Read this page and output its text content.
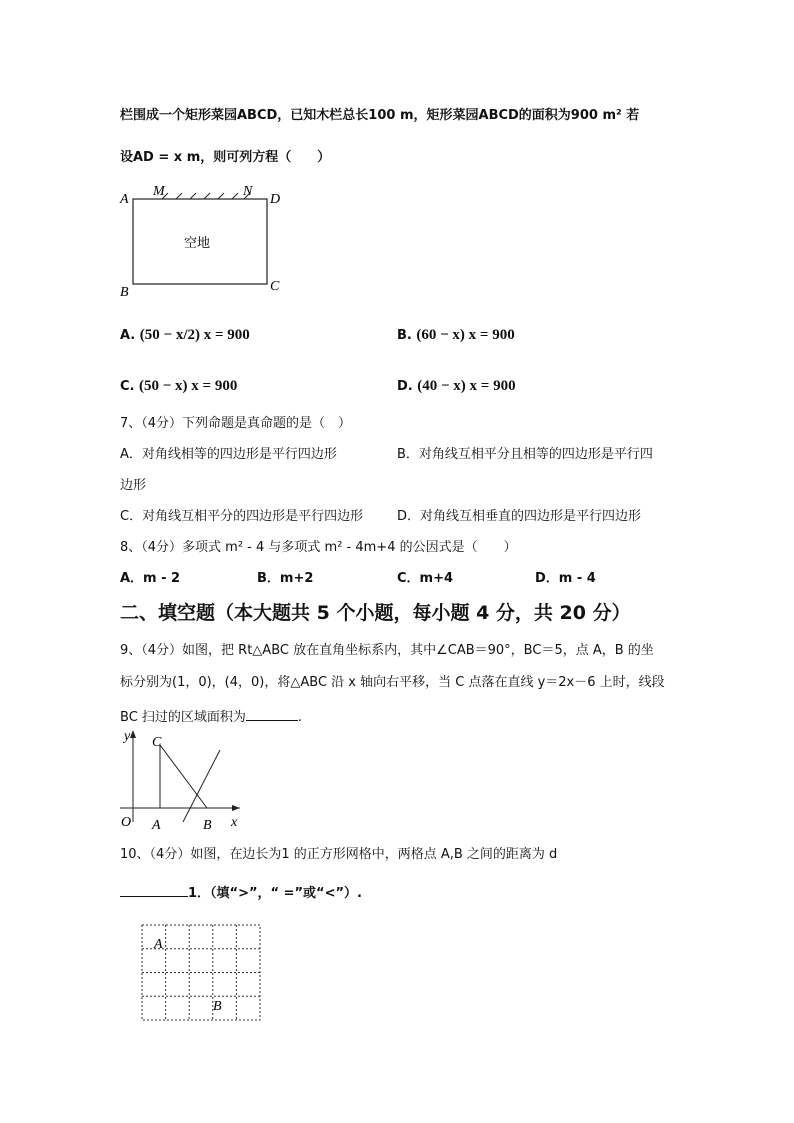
栏围成一个矩形菜园ABCD，已知木栏总长100 m，矩形菜园ABCD的面积为900 m² 若
设AD = x m，则可列方程（　　）
A
M	N
D
B	C
空地
y C
O A	B x
A
B
A. (50 − x/2) x = 900	B. (60 − x) x = 900
C. (50 − x) x = 900	D. (40 − x) x = 900
7、（4分）下列命题是真命题的是（　）
A．对角线相等的四边形是平行四边形	B．对角线互相平分且相等的四边形是平行四
边形
C．对角线互相平分的四边形是平行四边形	D．对角线互相垂直的四边形是平行四边形
8、（4分）多项式 m² - 4 与多项式 m² - 4m+4 的公因式是（　　）
A．m - 2	B．m+2	C．m+4	D．m - 4
二、填空题（本大题共 5 个小题，每小题 4 分，共 20 分）
9、（4分）如图，把 Rt△ABC 放在直角坐标系内，其中∠CAB＝90°，BC＝5，点 A，B 的坐
标分别为(1，0)，(4，0)，将△ABC 沿 x 轴向右平移，当 C 点落在直线 y＝2x－6 上时，线段
BC 扫过的区域面积为	.
10、（4分）如图，在边长为1 的正方形网格中，两格点 A,B 之间的距离为 d
1．（填“>”，“ =”或“<”）.
